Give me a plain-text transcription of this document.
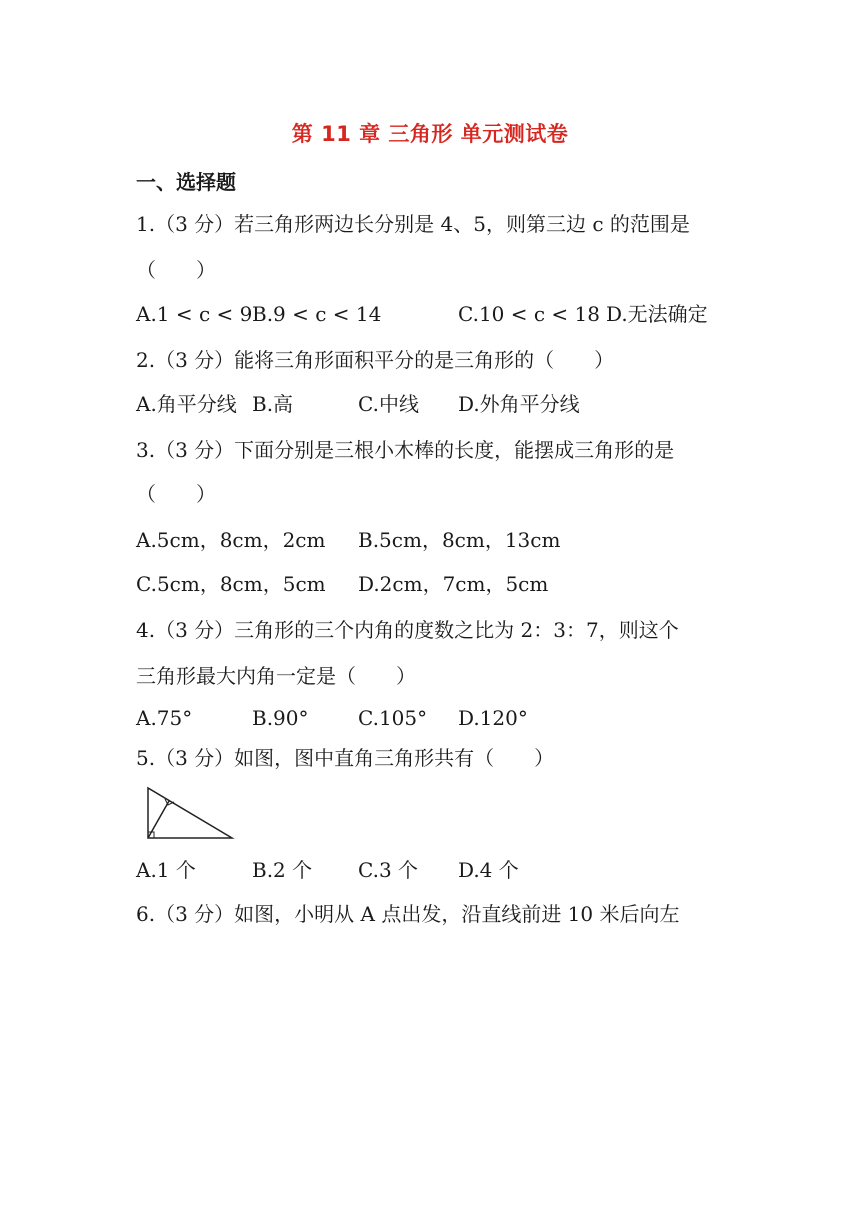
第 11 章 三角形 单元测试卷
一、选择题
1.（3 分）若三角形两边长分别是 4、5，则第三边 c 的范围是
（　　）
A.1 < c < 9 B.9 < c < 14	C.10 < c < 18 D.无法确定
2.（3 分）能将三角形面积平分的是三角形的（　　）
A.角平分线 B.高	C.中线 D.外角平分线
3.（3 分）下面分别是三根小木棒的长度，能摆成三角形的是
（　　）
A.5cm，8cm，2cm B.5cm，8cm，13cm
C.5cm，8cm，5cm D.2cm，7cm，5cm
4.（3 分）三角形的三个内角的度数之比为 2：3：7，则这个
三角形最大内角一定是（　　）
A.75°	B.90° C.105° D.120°
5.（3 分）如图，图中直角三角形共有（　　）
A.1 个	B.2 个 C.3 个 D.4 个
6.（3 分）如图，小明从 A 点出发，沿直线前进 10 米后向左
